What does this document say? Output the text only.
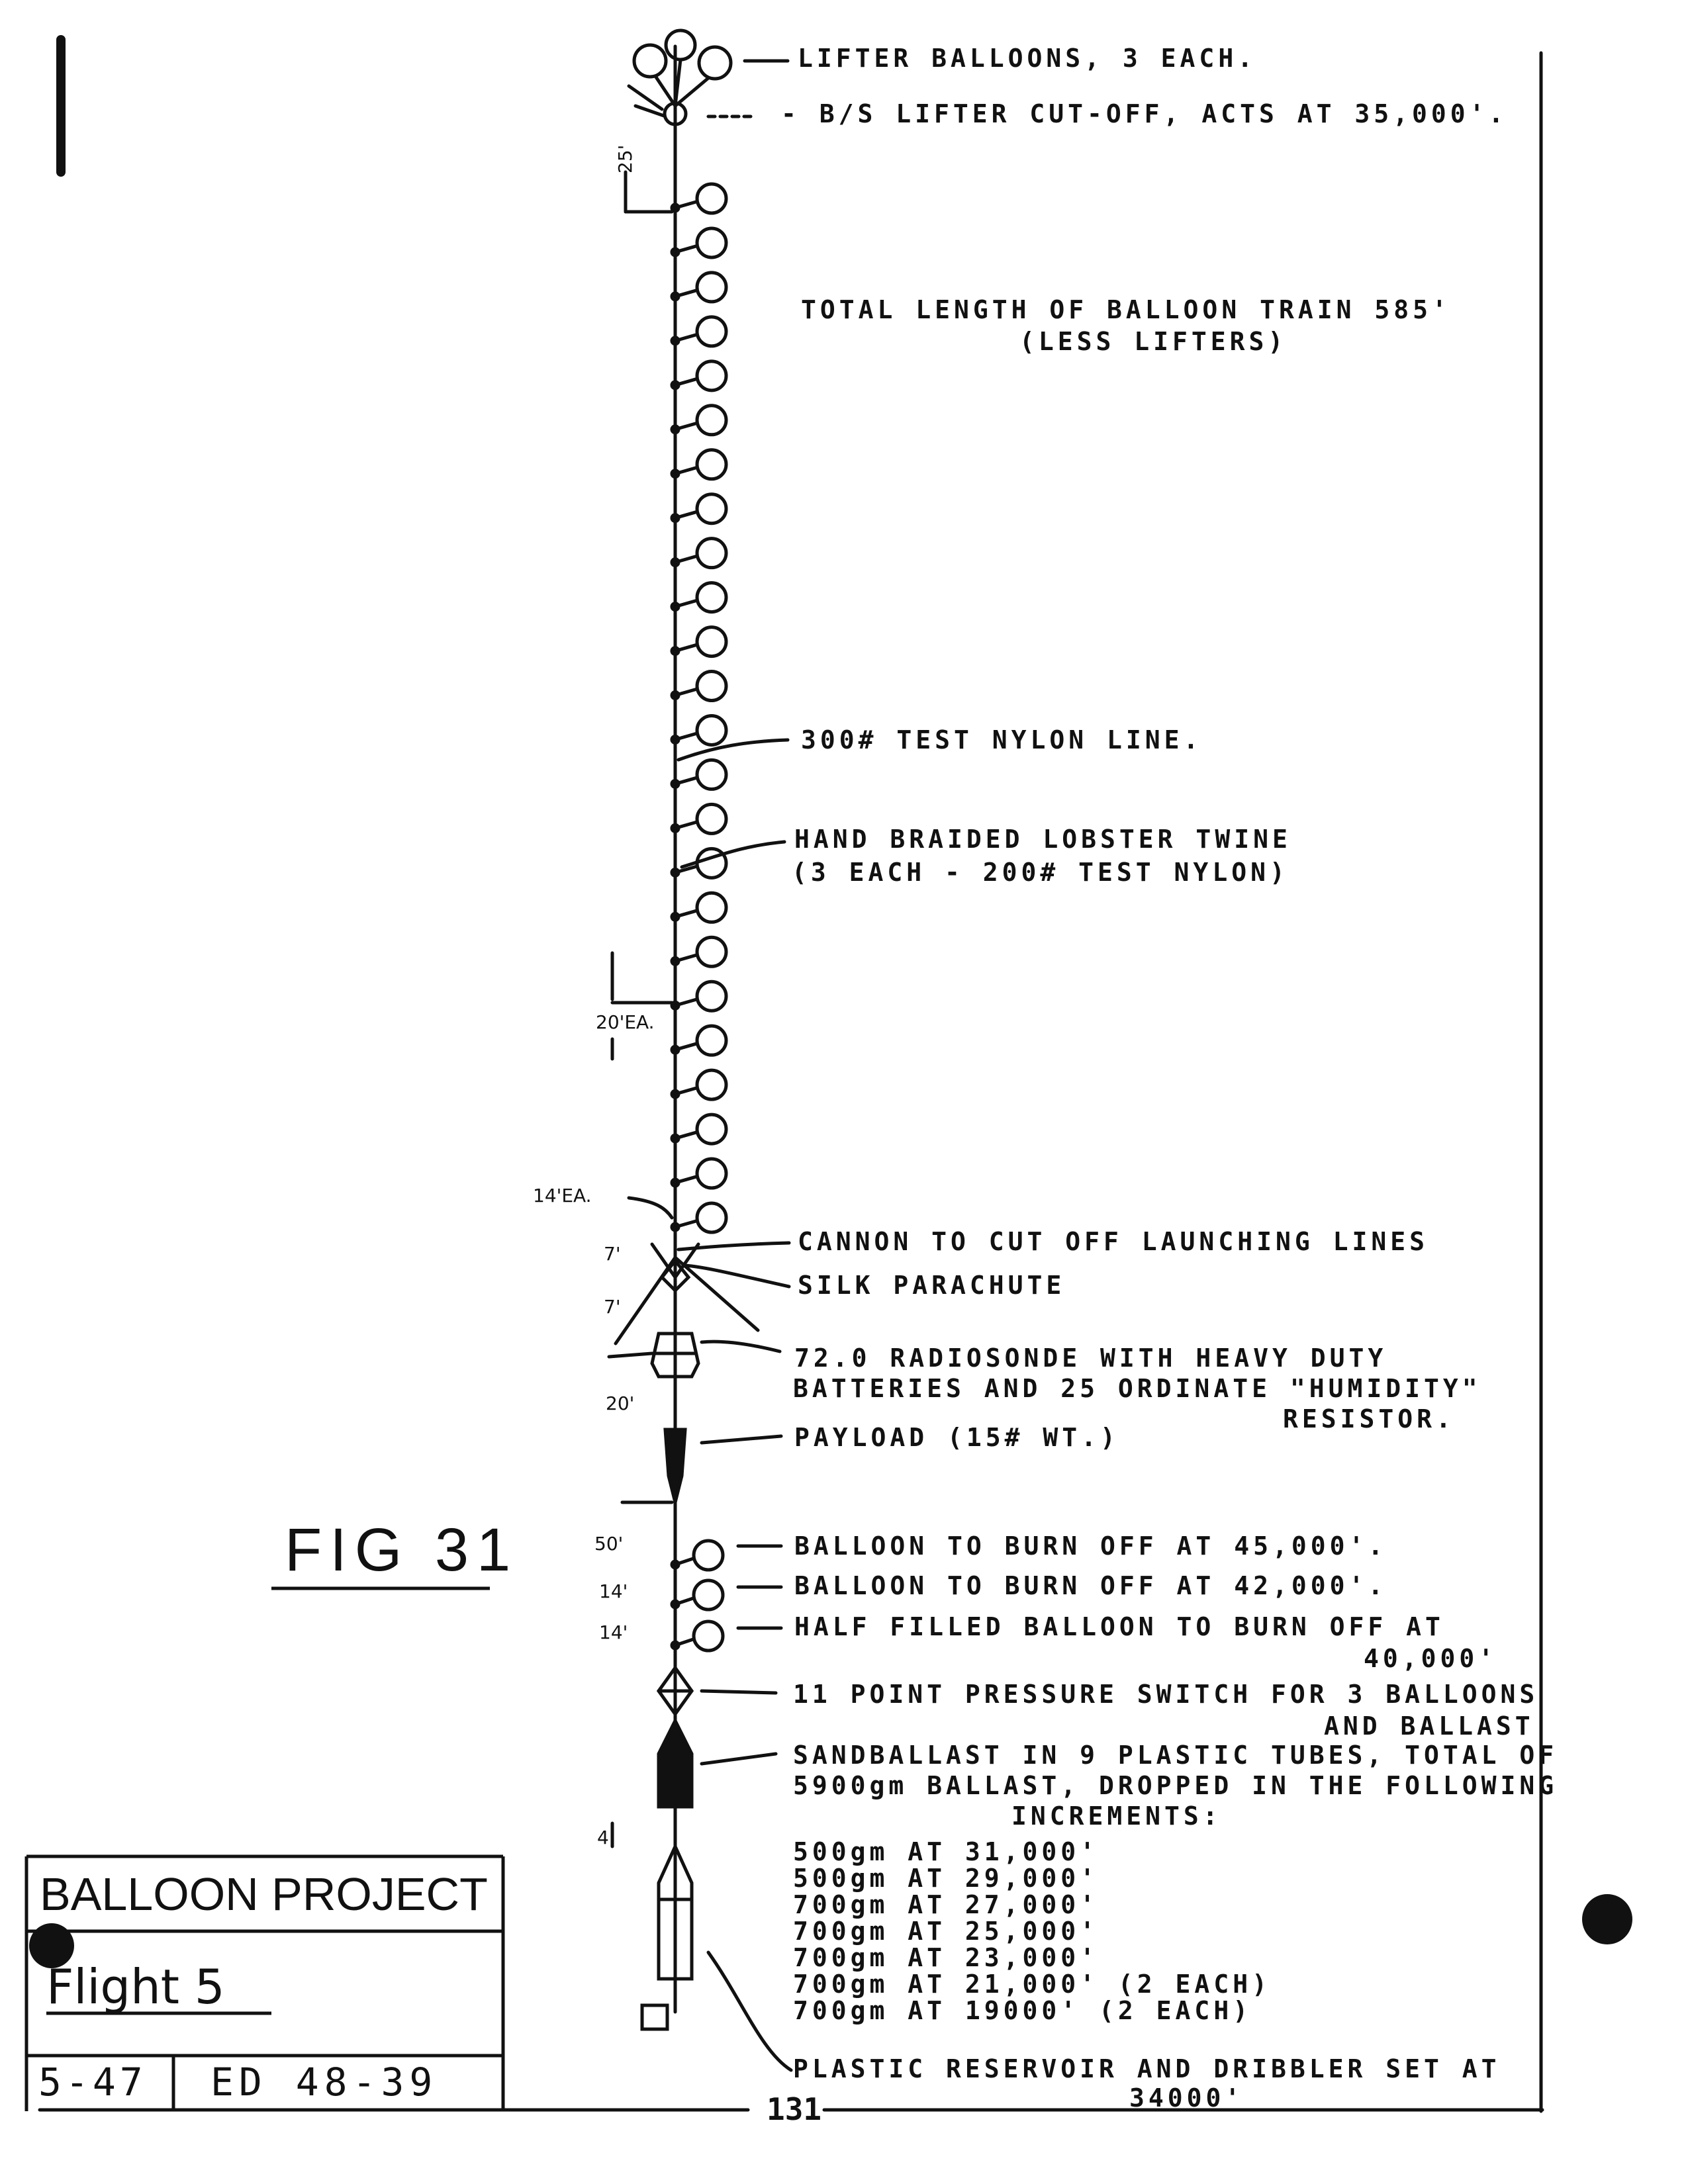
LIFTER BALLOONS, 3 EACH.
- B/S LIFTER CUT-OFF, ACTS AT 35,000'.
TOTAL LENGTH OF BALLOON TRAIN 585'
(LESS LIFTERS)
300# TEST NYLON LINE.
HAND BRAIDED LOBSTER TWINE
(3 EACH - 200# TEST NYLON)
CANNON TO CUT OFF LAUNCHING LINES
SILK PARACHUTE
72.0 RADIOSONDE WITH HEAVY DUTY
BATTERIES AND 25 ORDINATE "HUMIDITY"
RESISTOR.
PAYLOAD (15# WT.)
BALLOON TO BURN OFF AT 45,000'.
BALLOON TO BURN OFF AT 42,000'.
HALF FILLED BALLOON TO BURN OFF AT
40,000'
11 POINT PRESSURE SWITCH FOR 3 BALLOONS
AND BALLAST
SANDBALLAST IN 9 PLASTIC TUBES, TOTAL OF
5900gm BALLAST, DROPPED IN THE FOLLOWING
INCREMENTS:
500gm AT 31,000'
500gm AT 29,000'
700gm AT 27,000'
700gm AT 25,000'
700gm AT 23,000'
700gm AT 21,000' (2 EACH)
700gm AT 19000' (2 EACH)
PLASTIC RESERVOIR AND DRIBBLER SET AT
34000'
25'
20'EA.
14'EA.
7'
7'
20'
50'
14'
14'
4'
FIG 31
BALLOON PROJECT
Flight 5
5-47 ED 48-39
131
